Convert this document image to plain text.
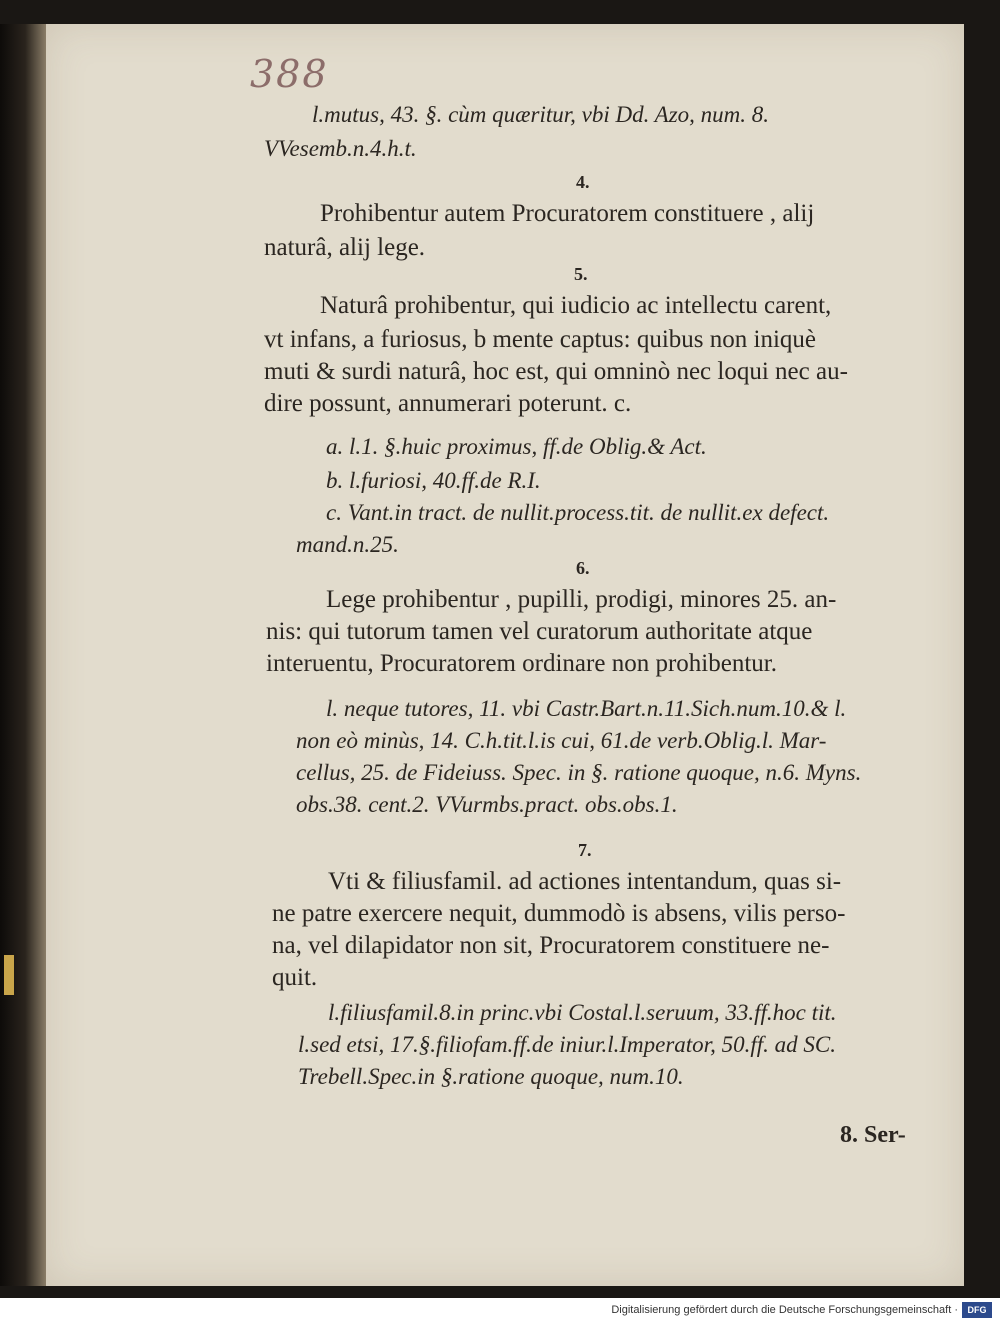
388
l.mutus, 43. §. cùm quæritur, vbi Dd. Azo, num. 8.
VVesemb.n.4.h.t.
4.
Prohibentur autem Procuratorem constituere , alij
naturâ, alij lege.
5.
Naturâ prohibentur, qui iudicio ac intellectu carent,
vt infans, a furiosus, b mente captus: quibus non iniquè
muti & surdi naturâ, hoc est, qui omninò nec loqui nec au-
dire possunt, annumerari poterunt. c.
a. l.1. §.huic proximus, ff.de Oblig.& Act.
b. l.furiosi, 40.ff.de R.I.
c. Vant.in tract. de nullit.process.tit. de nullit.ex defect.
mand.n.25.
6.
Lege prohibentur , pupilli, prodigi, minores 25. an-
nis: qui tutorum tamen vel curatorum authoritate atque
interuentu, Procuratorem ordinare non prohibentur.
l. neque tutores, 11. vbi Castr.Bart.n.11.Sich.num.10.& l.
non eò minùs, 14. C.h.tit.l.is cui, 61.de verb.Oblig.l. Mar-
cellus, 25. de Fideiuss. Spec. in §. ratione quoque, n.6. Myns.
obs.38. cent.2. VVurmbs.pract. obs.obs.1.
7.
Vti & filiusfamil. ad actiones intentandum, quas si-
ne patre exercere nequit, dummodò is absens, vilis perso-
na, vel dilapidator non sit, Procuratorem constituere ne-
quit.
l.filiusfamil.8.in princ.vbi Costal.l.seruum, 33.ff.hoc tit.
l.sed etsi, 17.§.filiofam.ff.de iniur.l.Imperator, 50.ff. ad SC.
Trebell.Spec.in §.ratione quoque, num.10.
8. Ser-
Digitalisierung gefördert durch die Deutsche Forschungsgemeinschaft ·	DFG
